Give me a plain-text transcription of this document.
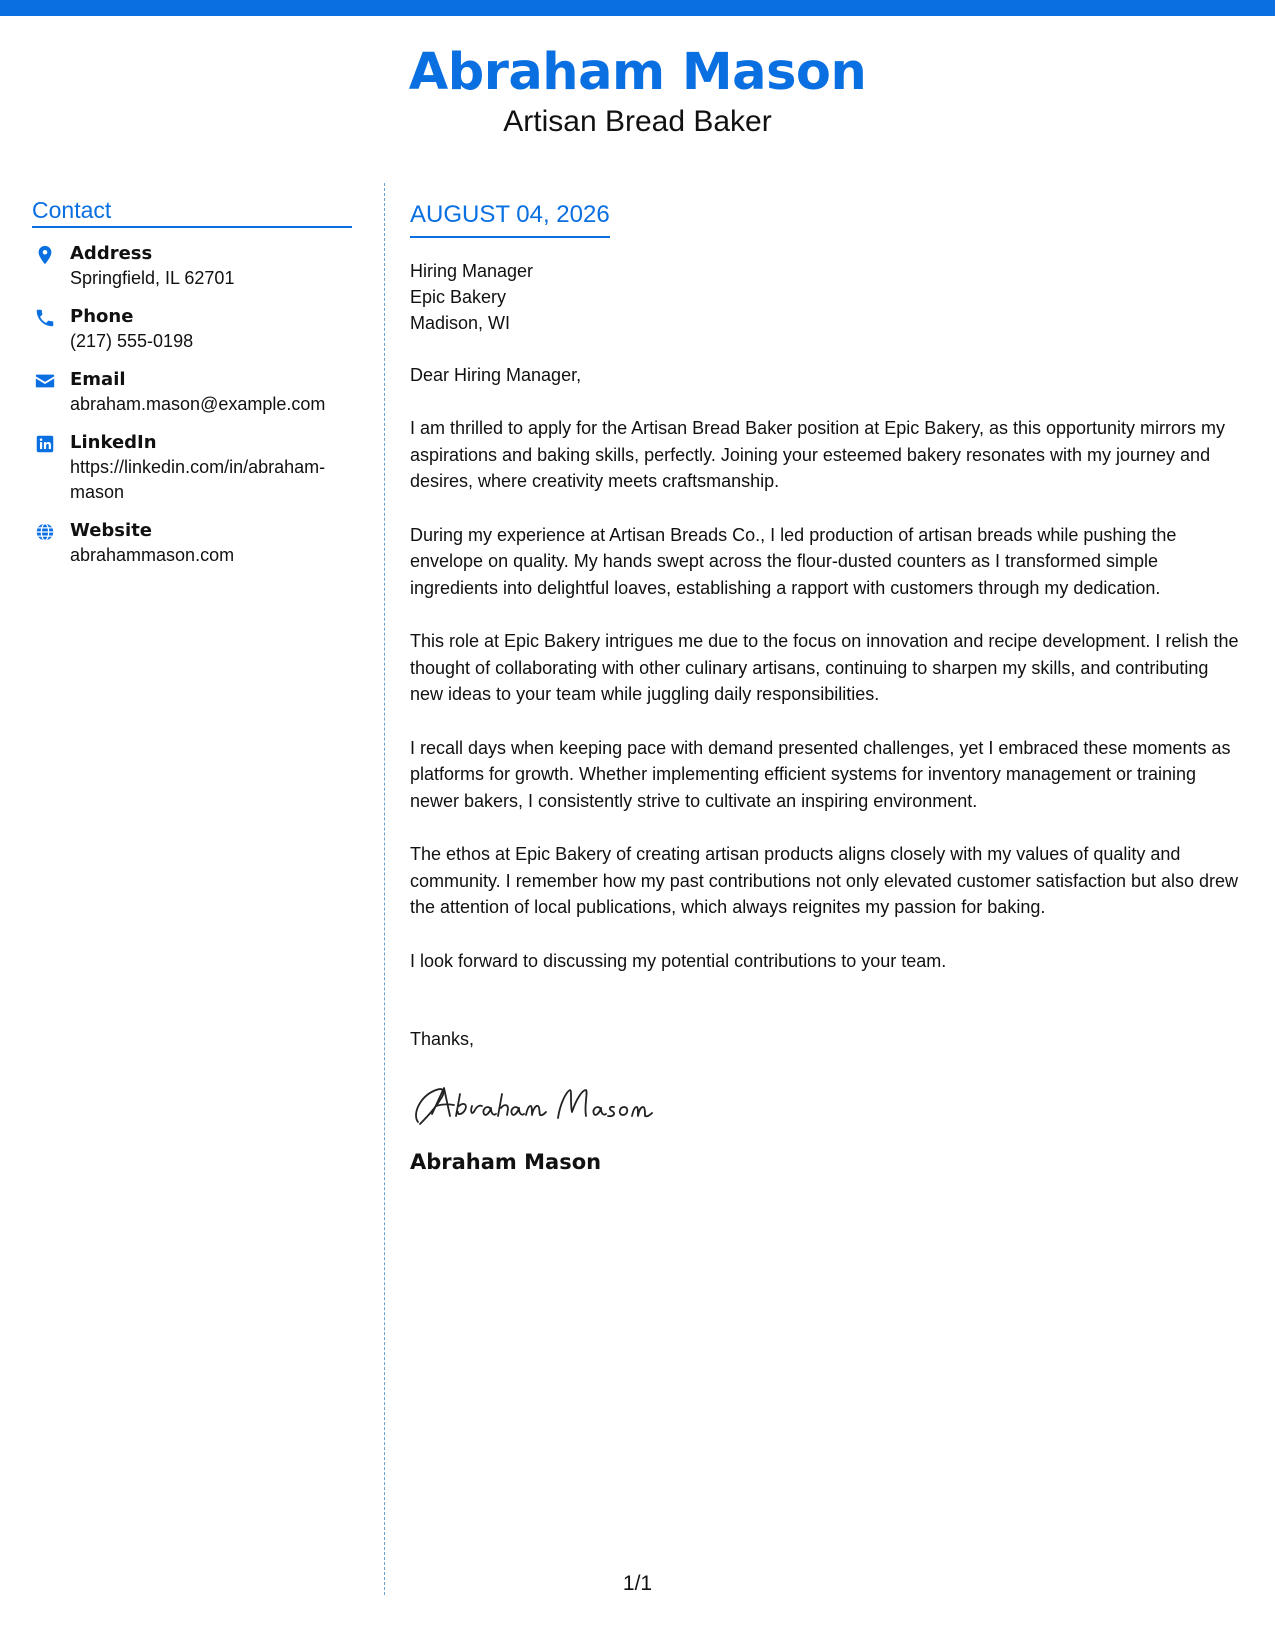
Abraham Mason
Artisan Bread Baker
Contact
Address
Springfield, IL 62701
Phone
(217) 555-0198
Email
abraham.mason@example.com
LinkedIn
https://linkedin.com/in/abraham-mason
Website
abrahammason.com
AUGUST 04, 2026
Hiring Manager
Epic Bakery
Madison, WI
Dear Hiring Manager,
I am thrilled to apply for the Artisan Bread Baker position at Epic Bakery, as this opportunity mirrors my aspirations and baking skills, perfectly. Joining your esteemed bakery resonates with my journey and desires, where creativity meets craftsmanship.
During my experience at Artisan Breads Co., I led production of artisan breads while pushing the envelope on quality. My hands swept across the flour-dusted counters as I transformed simple ingredients into delightful loaves, establishing a rapport with customers through my dedication.
This role at Epic Bakery intrigues me due to the focus on innovation and recipe development. I relish the thought of collaborating with other culinary artisans, continuing to sharpen my skills, and contributing new ideas to your team while juggling daily responsibilities.
I recall days when keeping pace with demand presented challenges, yet I embraced these moments as platforms for growth. Whether implementing efficient systems for inventory management or training newer bakers, I consistently strive to cultivate an inspiring environment.
The ethos at Epic Bakery of creating artisan products aligns closely with my values of quality and community. I remember how my past contributions not only elevated customer satisfaction but also drew the attention of local publications, which always reignites my passion for baking.
I look forward to discussing my potential contributions to your team.
Thanks,
Abraham Mason
1/1
